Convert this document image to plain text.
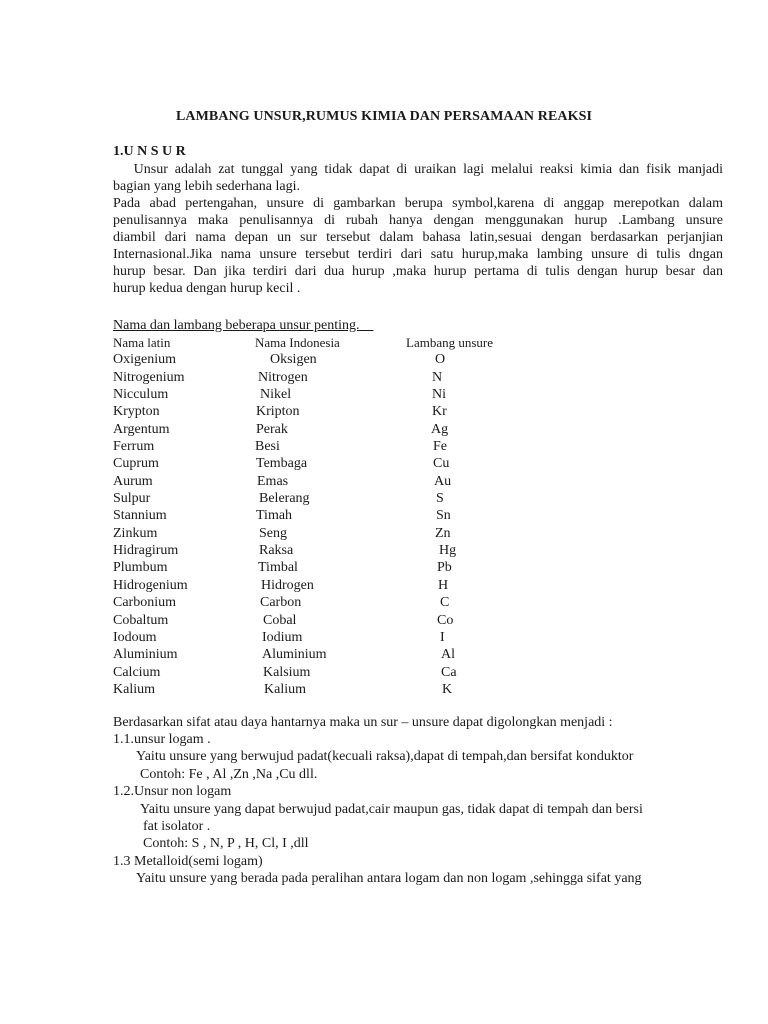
LAMBANG UNSUR,RUMUS KIMIA DAN PERSAMAAN REAKSI
1.U N S U R
Unsur adalah zat tunggal yang tidak dapat di uraikan lagi melalui reaksi kimia dan fisik manjadi
bagian yang lebih sederhana lagi.
Pada abad pertengahan, unsure di gambarkan berupa symbol,karena di anggap merepotkan dalam
penulisannya maka penulisannya di rubah hanya dengan menggunakan hurup .Lambang unsure
diambil dari nama depan un sur tersebut dalam bahasa latin,sesuai dengan berdasarkan perjanjian
Internasional.Jika nama unsure tersebut terdiri dari satu hurup,maka lambing unsure di tulis dngan
hurup besar. Dan jika terdiri dari dua hurup ,maka hurup pertama di tulis dengan hurup besar dan
hurup kedua dengan hurup kecil .
Nama dan lambang beberapa unsur penting.
Nama latin	Nama Indonesia	Lambang unsure
Oxigenium	Oksigen	O
Nitrogenium	Nitrogen	N
Nicculum	Nikel	Ni
Krypton	Kripton	Kr
Argentum	Perak	Ag
Ferrum	Besi	Fe
Cuprum	Tembaga	Cu
Aurum	Emas	Au
Sulpur	Belerang	S
Stannium	Timah	Sn
Zinkum	Seng	Zn
Hidragirum	Raksa	Hg
Plumbum	Timbal	Pb
Hidrogenium	Hidrogen	H
Carbonium	Carbon	C
Cobaltum	Cobal	Co
Iodoum	Iodium	I
Aluminium	Aluminium	Al
Calcium	Kalsium	Ca
Kalium	Kalium	K
Berdasarkan sifat atau daya hantarnya maka un sur – unsure dapat digolongkan menjadi :
1.1.unsur logam .
Yaitu unsure yang berwujud padat(kecuali raksa),dapat di tempah,dan bersifat konduktor
Contoh: Fe , Al ,Zn ,Na ,Cu dll.
1.2.Unsur non logam
Yaitu unsure yang dapat berwujud padat,cair maupun gas, tidak dapat di tempah dan bersi
fat isolator .
Contoh: S , N, P , H, Cl, I ,dll
1.3 Metalloid(semi logam)
Yaitu unsure yang berada pada peralihan antara logam dan non logam ,sehingga sifat yang
